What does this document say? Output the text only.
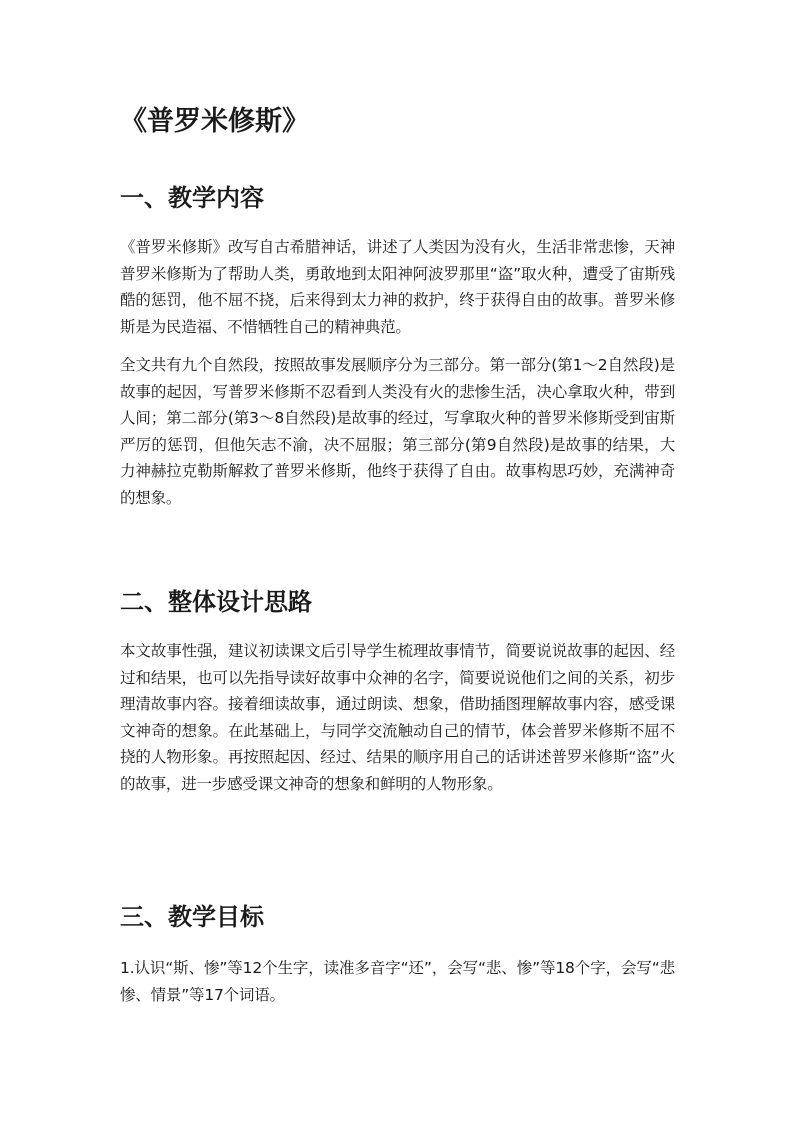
《普罗米修斯》
一、教学内容

《普罗米修斯》改写自古希腊神话，讲述了人类因为没有火，生活非常悲惨，天神普罗米修斯为了帮助人类，勇敢地到太阳神阿波罗那里“盗”取火种，遭受了宙斯残酷的惩罚，他不屈不挠，后来得到太力神的救护，终于获得自由的故事。普罗米修斯是为民造福、不惜牺牲自己的精神典范。

全文共有九个自然段，按照故事发展顺序分为三部分。第一部分(第1～2自然段)是故事的起因，写普罗米修斯不忍看到人类没有火的悲惨生活，决心拿取火种，带到人间；第二部分(第3～8自然段)是故事的经过，写拿取火种的普罗米修斯受到宙斯严厉的惩罚，但他矢志不渝，决不屈服；第三部分(第9自然段)是故事的结果，大力神赫拉克勒斯解救了普罗米修斯，他终于获得了自由。故事构思巧妙，充满神奇的想象。

二、整体设计思路

本文故事性强，建议初读课文后引导学生梳理故事情节，简要说说故事的起因、经过和结果，也可以先指导读好故事中众神的名字，简要说说他们之间的关系，初步理清故事内容。接着细读故事，通过朗读、想象，借助插图理解故事内容，感受课文神奇的想象。在此基础上，与同学交流触动自己的情节，体会普罗米修斯不屈不挠的人物形象。再按照起因、经过、结果的顺序用自己的话讲述普罗米修斯“盗”火的故事，进一步感受课文神奇的想象和鲜明的人物形象。

三、教学目标

1.认识“斯、惨”等12个生字，读准多音字“还”，会写“悲、惨”等18个字，会写“悲惨、情景”等17个词语。
